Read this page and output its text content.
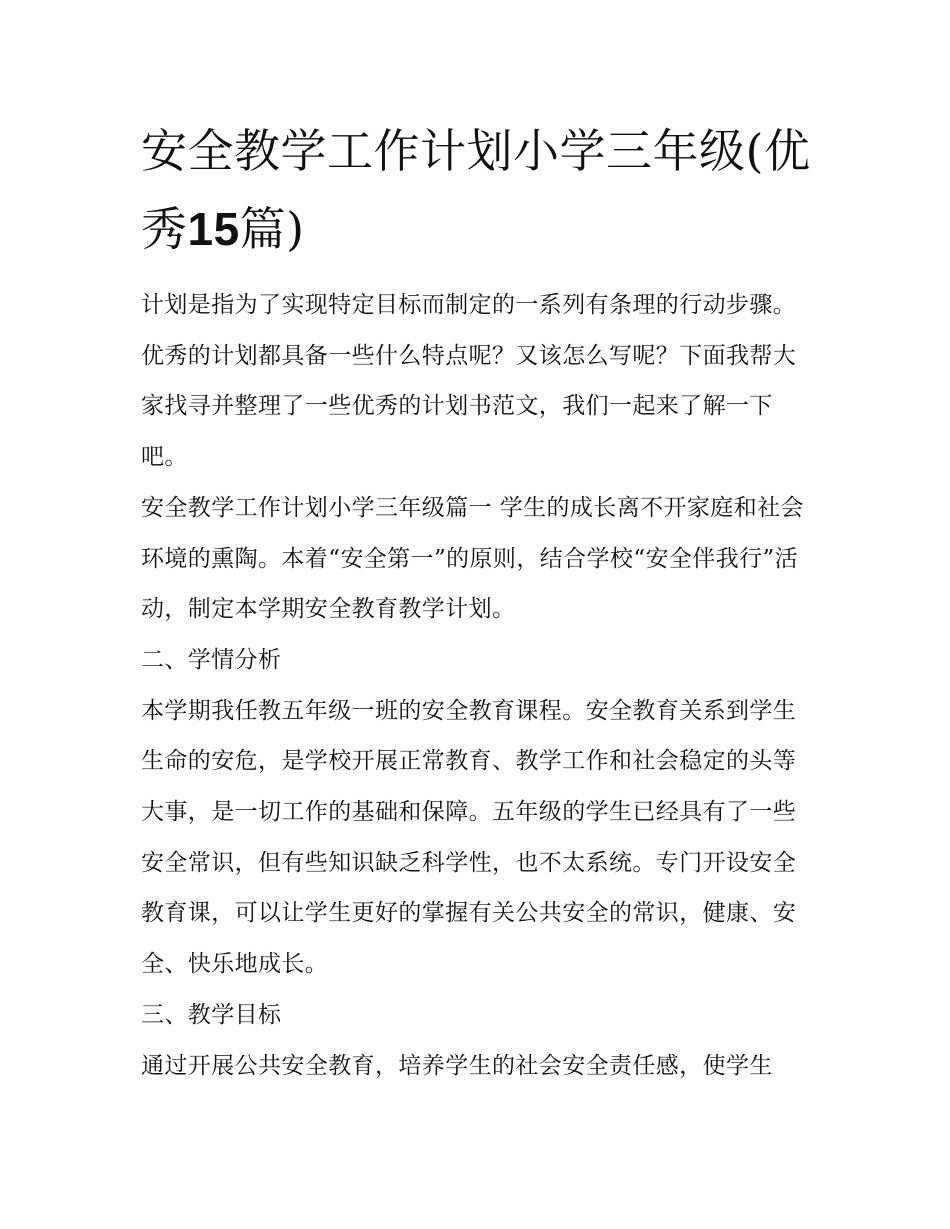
安全教学工作计划小学三年级(优秀15篇)

计划是指为了实现特定目标而制定的一系列有条理的行动步骤。优秀的计划都具备一些什么特点呢？又该怎么写呢？下面我帮大家找寻并整理了一些优秀的计划书范文，我们一起来了解一下吧。

安全教学工作计划小学三年级篇一 学生的成长离不开家庭和社会环境的熏陶。本着“安全第一”的原则，结合学校“安全伴我行”活动，制定本学期安全教育教学计划。

二、学情分析

本学期我任教五年级一班的安全教育课程。安全教育关系到学生生命的安危，是学校开展正常教育、教学工作和社会稳定的头等大事，是一切工作的基础和保障。五年级的学生已经具有了一些安全常识，但有些知识缺乏科学性，也不太系统。专门开设安全教育课，可以让学生更好的掌握有关公共安全的常识，健康、安全、快乐地成长。

三、教学目标

通过开展公共安全教育，培养学生的社会安全责任感，使学生
